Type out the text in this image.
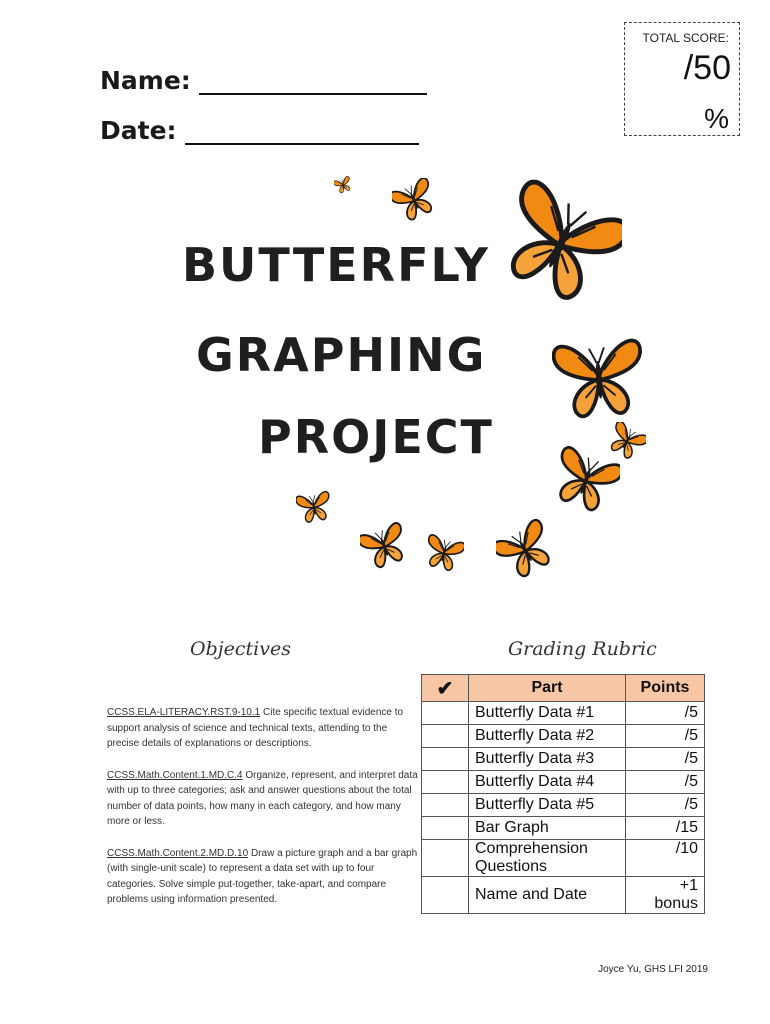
Name:
Date:
TOTAL SCORE:
/50
%
BUTTERFLY
GRAPHING
PROJECT
Objectives	Grading Rubric

CCSS.ELA-LITERACY.RST.9-10.1 Cite specific textual evidence to support analysis of science and technical texts, attending to the precise details of explanations or descriptions.

CCSS.Math.Content.1.MD.C.4 Organize, represent, and interpret data with up to three categories; ask and answer questions about the total number of data points, how many in each category, and how many more or less.

CCSS.Math.Content.2.MD.D.10 Draw a picture graph and a bar graph (with single-unit scale) to represent a data set with up to four categories. Solve simple put-together, take-apart, and compare problems using information presented.

✔	Part	Points
	Butterfly Data #1	/5
	Butterfly Data #2	/5
	Butterfly Data #3	/5
	Butterfly Data #4	/5
	Butterfly Data #5	/5
	Bar Graph	/15
	Comprehension Questions	/10
	Name and Date	+1 bonus
Joyce Yu, GHS LFI 2019
